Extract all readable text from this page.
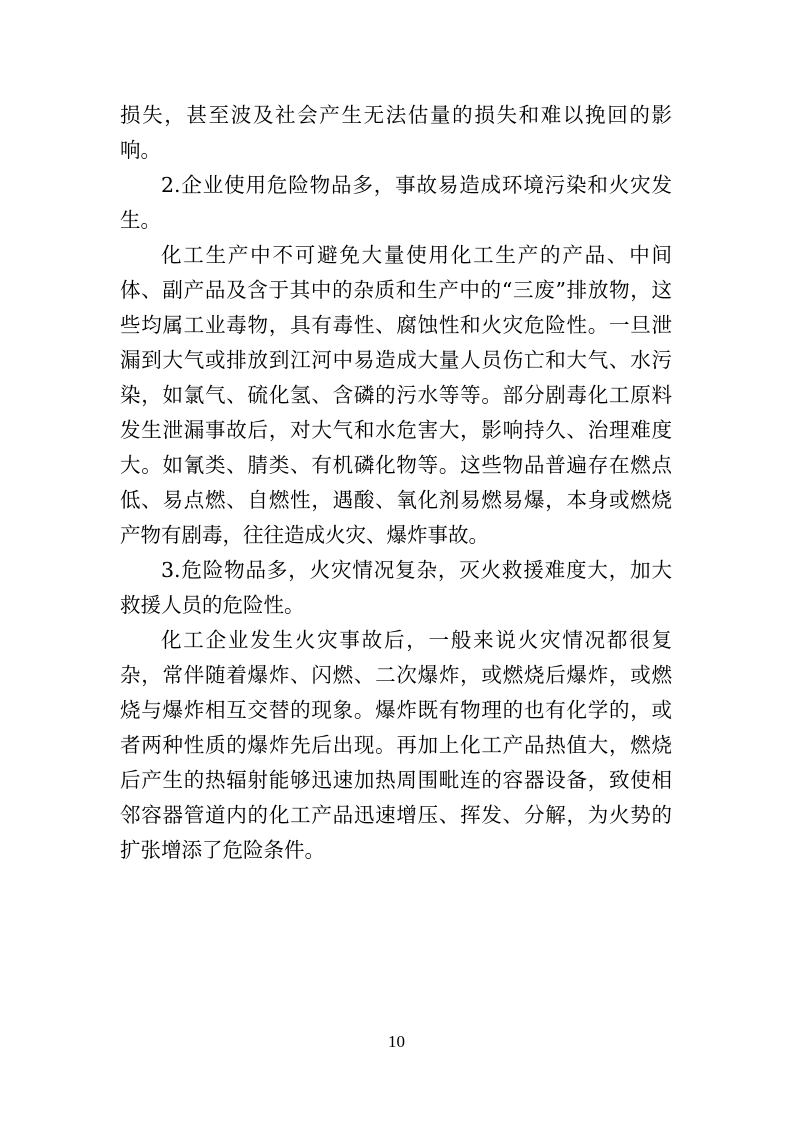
损失，甚至波及社会产生无法估量的损失和难以挽回的影响。

2.企业使用危险物品多，事故易造成环境污染和火灾发生。

化工生产中不可避免大量使用化工生产的产品、中间体、副产品及含于其中的杂质和生产中的“三废”排放物，这些均属工业毒物，具有毒性、腐蚀性和火灾危险性。一旦泄漏到大气或排放到江河中易造成大量人员伤亡和大气、水污染，如氯气、硫化氢、含磷的污水等等。部分剧毒化工原料发生泄漏事故后，对大气和水危害大，影响持久、治理难度大。如氰类、腈类、有机磷化物等。这些物品普遍存在燃点低、易点燃、自燃性，遇酸、氧化剂易燃易爆，本身或燃烧产物有剧毒，往往造成火灾、爆炸事故。

3.危险物品多，火灾情况复杂，灭火救援难度大，加大救援人员的危险性。

化工企业发生火灾事故后，一般来说火灾情况都很复杂，常伴随着爆炸、闪燃、二次爆炸，或燃烧后爆炸，或燃烧与爆炸相互交替的现象。爆炸既有物理的也有化学的，或者两种性质的爆炸先后出现。再加上化工产品热值大，燃烧后产生的热辐射能够迅速加热周围毗连的容器设备，致使相邻容器管道内的化工产品迅速增压、挥发、分解，为火势的扩张增添了危险条件。

10
